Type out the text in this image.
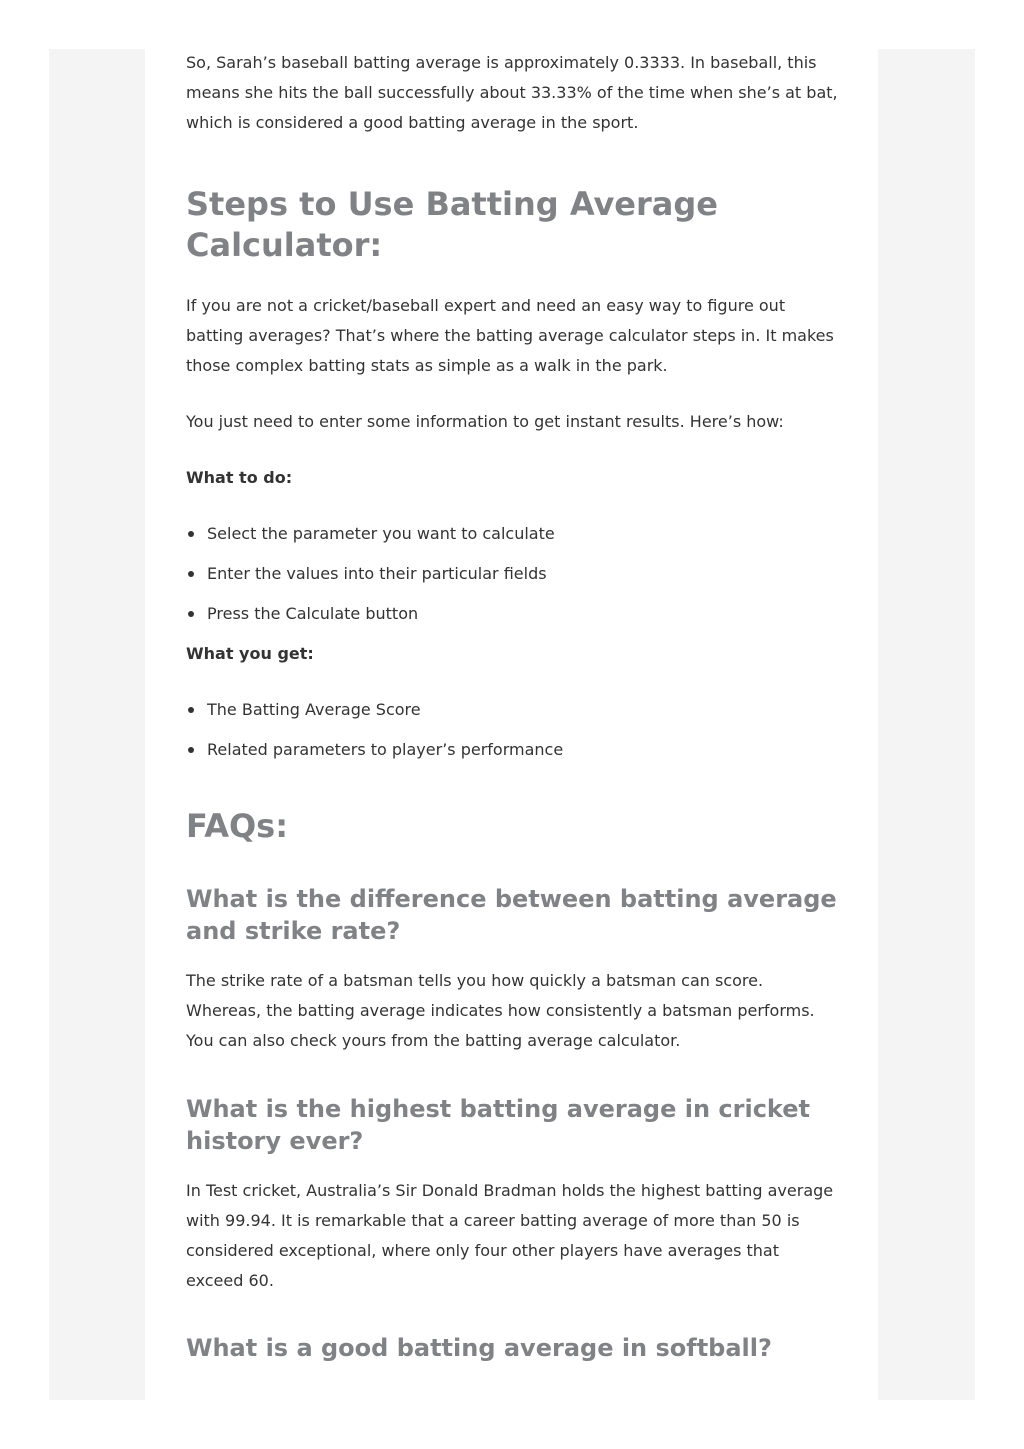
So, Sarah’s baseball batting average is approximately 0.3333. In baseball, this means she hits the ball successfully about 33.33% of the time when she’s at bat, which is considered a good batting average in the sport.

Steps to Use Batting Average Calculator:

If you are not a cricket/baseball expert and need an easy way to figure out batting averages? That’s where the batting average calculator steps in. It makes those complex batting stats as simple as a walk in the park.

You just need to enter some information to get instant results. Here’s how:

What to do:

Select the parameter you want to calculate
Enter the values into their particular fields
Press the Calculate button

What you get:

The Batting Average Score
Related parameters to player’s performance
FAQs:
What is the difference between batting average and strike rate?

The strike rate of a batsman tells you how quickly a batsman can score. Whereas, the batting average indicates how consistently a batsman performs. You can also check yours from the batting average calculator.

What is the highest batting average in cricket history ever?

In Test cricket, Australia’s Sir Donald Bradman holds the highest batting average with 99.94. It is remarkable that a career batting average of more than 50 is considered exceptional, where only four other players have averages that exceed 60.

What is a good batting average in softball?
